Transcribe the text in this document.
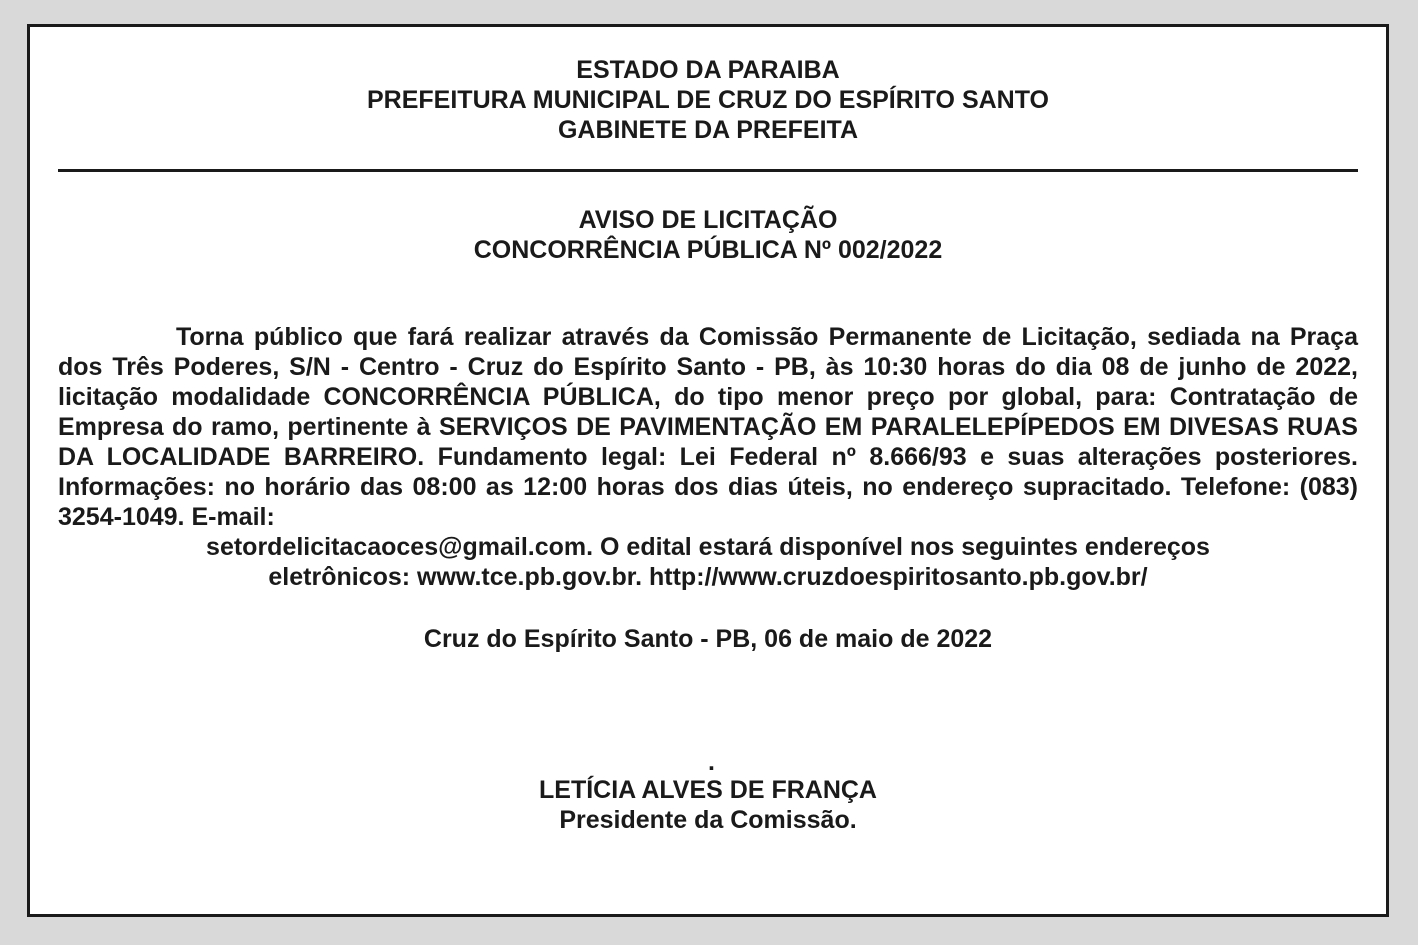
ESTADO DA PARAIBA
PREFEITURA MUNICIPAL DE CRUZ DO ESPÍRITO SANTO
GABINETE DA PREFEITA
AVISO DE LICITAÇÃO
CONCORRÊNCIA PÚBLICA Nº 002/2022

Torna público que fará realizar através da Comissão Permanente de Licitação, sediada na Praça dos Três Poderes, S/N - Centro - Cruz do Espírito Santo - PB, às 10:30 horas do dia 08 de junho de 2022, licitação modalidade CONCORRÊNCIA PÚBLICA, do tipo menor preço por global, para: Contratação de Empresa do ramo, pertinente à SERVIÇOS DE PAVIMENTAÇÃO EM PARALELEPÍPEDOS EM DIVESAS RUAS DA LOCALIDADE BARREIRO. Fundamento legal: Lei Federal nº 8.666/93 e suas alterações posteriores. Informações: no horário das 08:00 as 12:00 horas dos dias úteis, no endereço supracitado. Telefone: (083) 3254-1049. E-mail:

setordelicitacaoces@gmail.com. O edital estará disponível nos seguintes endereços
eletrônicos: www.tce.pb.gov.br. http://www.cruzdoespiritosanto.pb.gov.br/

Cruz do Espírito Santo - PB, 06 de maio de 2022
.
LETÍCIA ALVES DE FRANÇA
Presidente da Comissão.
